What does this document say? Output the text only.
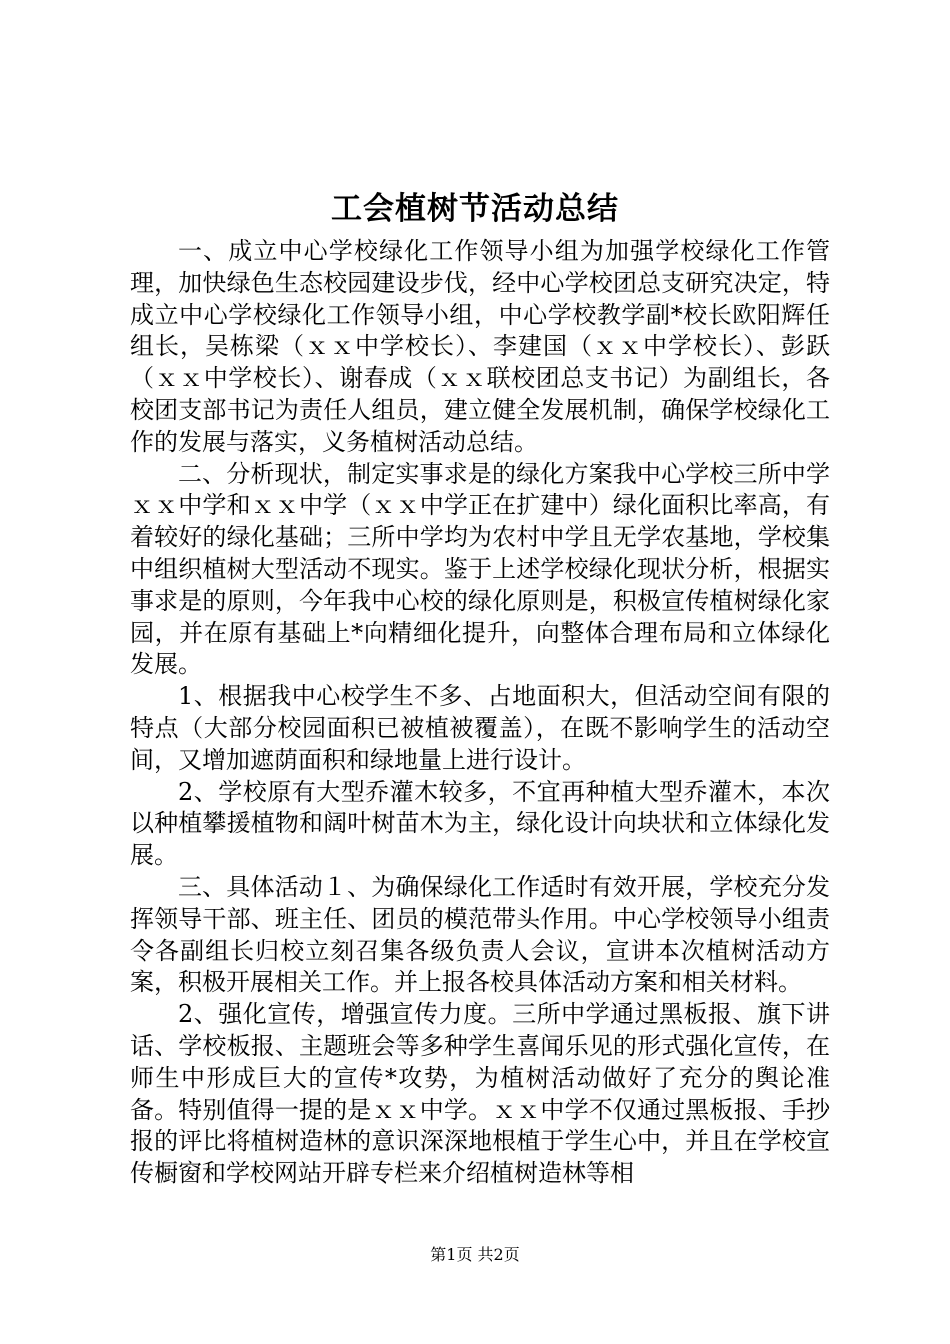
工会植树节活动总结

一、成立中心学校绿化工作领导小组为加强学校绿化工作管理，加快绿色生态校园建设步伐，经中心学校团总支研究决定，特成立中心学校绿化工作领导小组，中心学校教学副*校长欧阳辉任组长，吴栋梁（ｘｘ中学校长）、李建国（ｘｘ中学校长）、彭跃（ｘｘ中学校长）、谢春成（ｘｘ联校团总支书记）为副组长，各校团支部书记为责任人组员，建立健全发展机制，确保学校绿化工作的发展与落实，义务植树活动总结。

二、分析现状，制定实事求是的绿化方案我中心学校三所中学ｘｘ中学和ｘｘ中学（ｘｘ中学正在扩建中）绿化面积比率高，有着较好的绿化基础；三所中学均为农村中学且无学农基地，学校集中组织植树大型活动不现实。鉴于上述学校绿化现状分析，根据实事求是的原则，今年我中心校的绿化原则是，积极宣传植树绿化家园，并在原有基础上*向精细化提升，向整体合理布局和立体绿化发展。

1、根据我中心校学生不多、占地面积大，但活动空间有限的特点（大部分校园面积已被植被覆盖），在既不影响学生的活动空间，又增加遮荫面积和绿地量上进行设计。

2、学校原有大型乔灌木较多，不宜再种植大型乔灌木，本次以种植攀援植物和阔叶树苗木为主，绿化设计向块状和立体绿化发展。

三、具体活动１、为确保绿化工作适时有效开展，学校充分发挥领导干部、班主任、团员的模范带头作用。中心学校领导小组责令各副组长归校立刻召集各级负责人会议，宣讲本次植树活动方案，积极开展相关工作。并上报各校具体活动方案和相关材料。

2、强化宣传，增强宣传力度。三所中学通过黑板报、旗下讲话、学校板报、主题班会等多种学生喜闻乐见的形式强化宣传，在师生中形成巨大的宣传*攻势，为植树活动做好了充分的舆论准备。特别值得一提的是ｘｘ中学。ｘｘ中学不仅通过黑板报、手抄报的评比将植树造林的意识深深地根植于学生心中，并且在学校宣传橱窗和学校网站开辟专栏来介绍植树造林等相

第1页 共2页
